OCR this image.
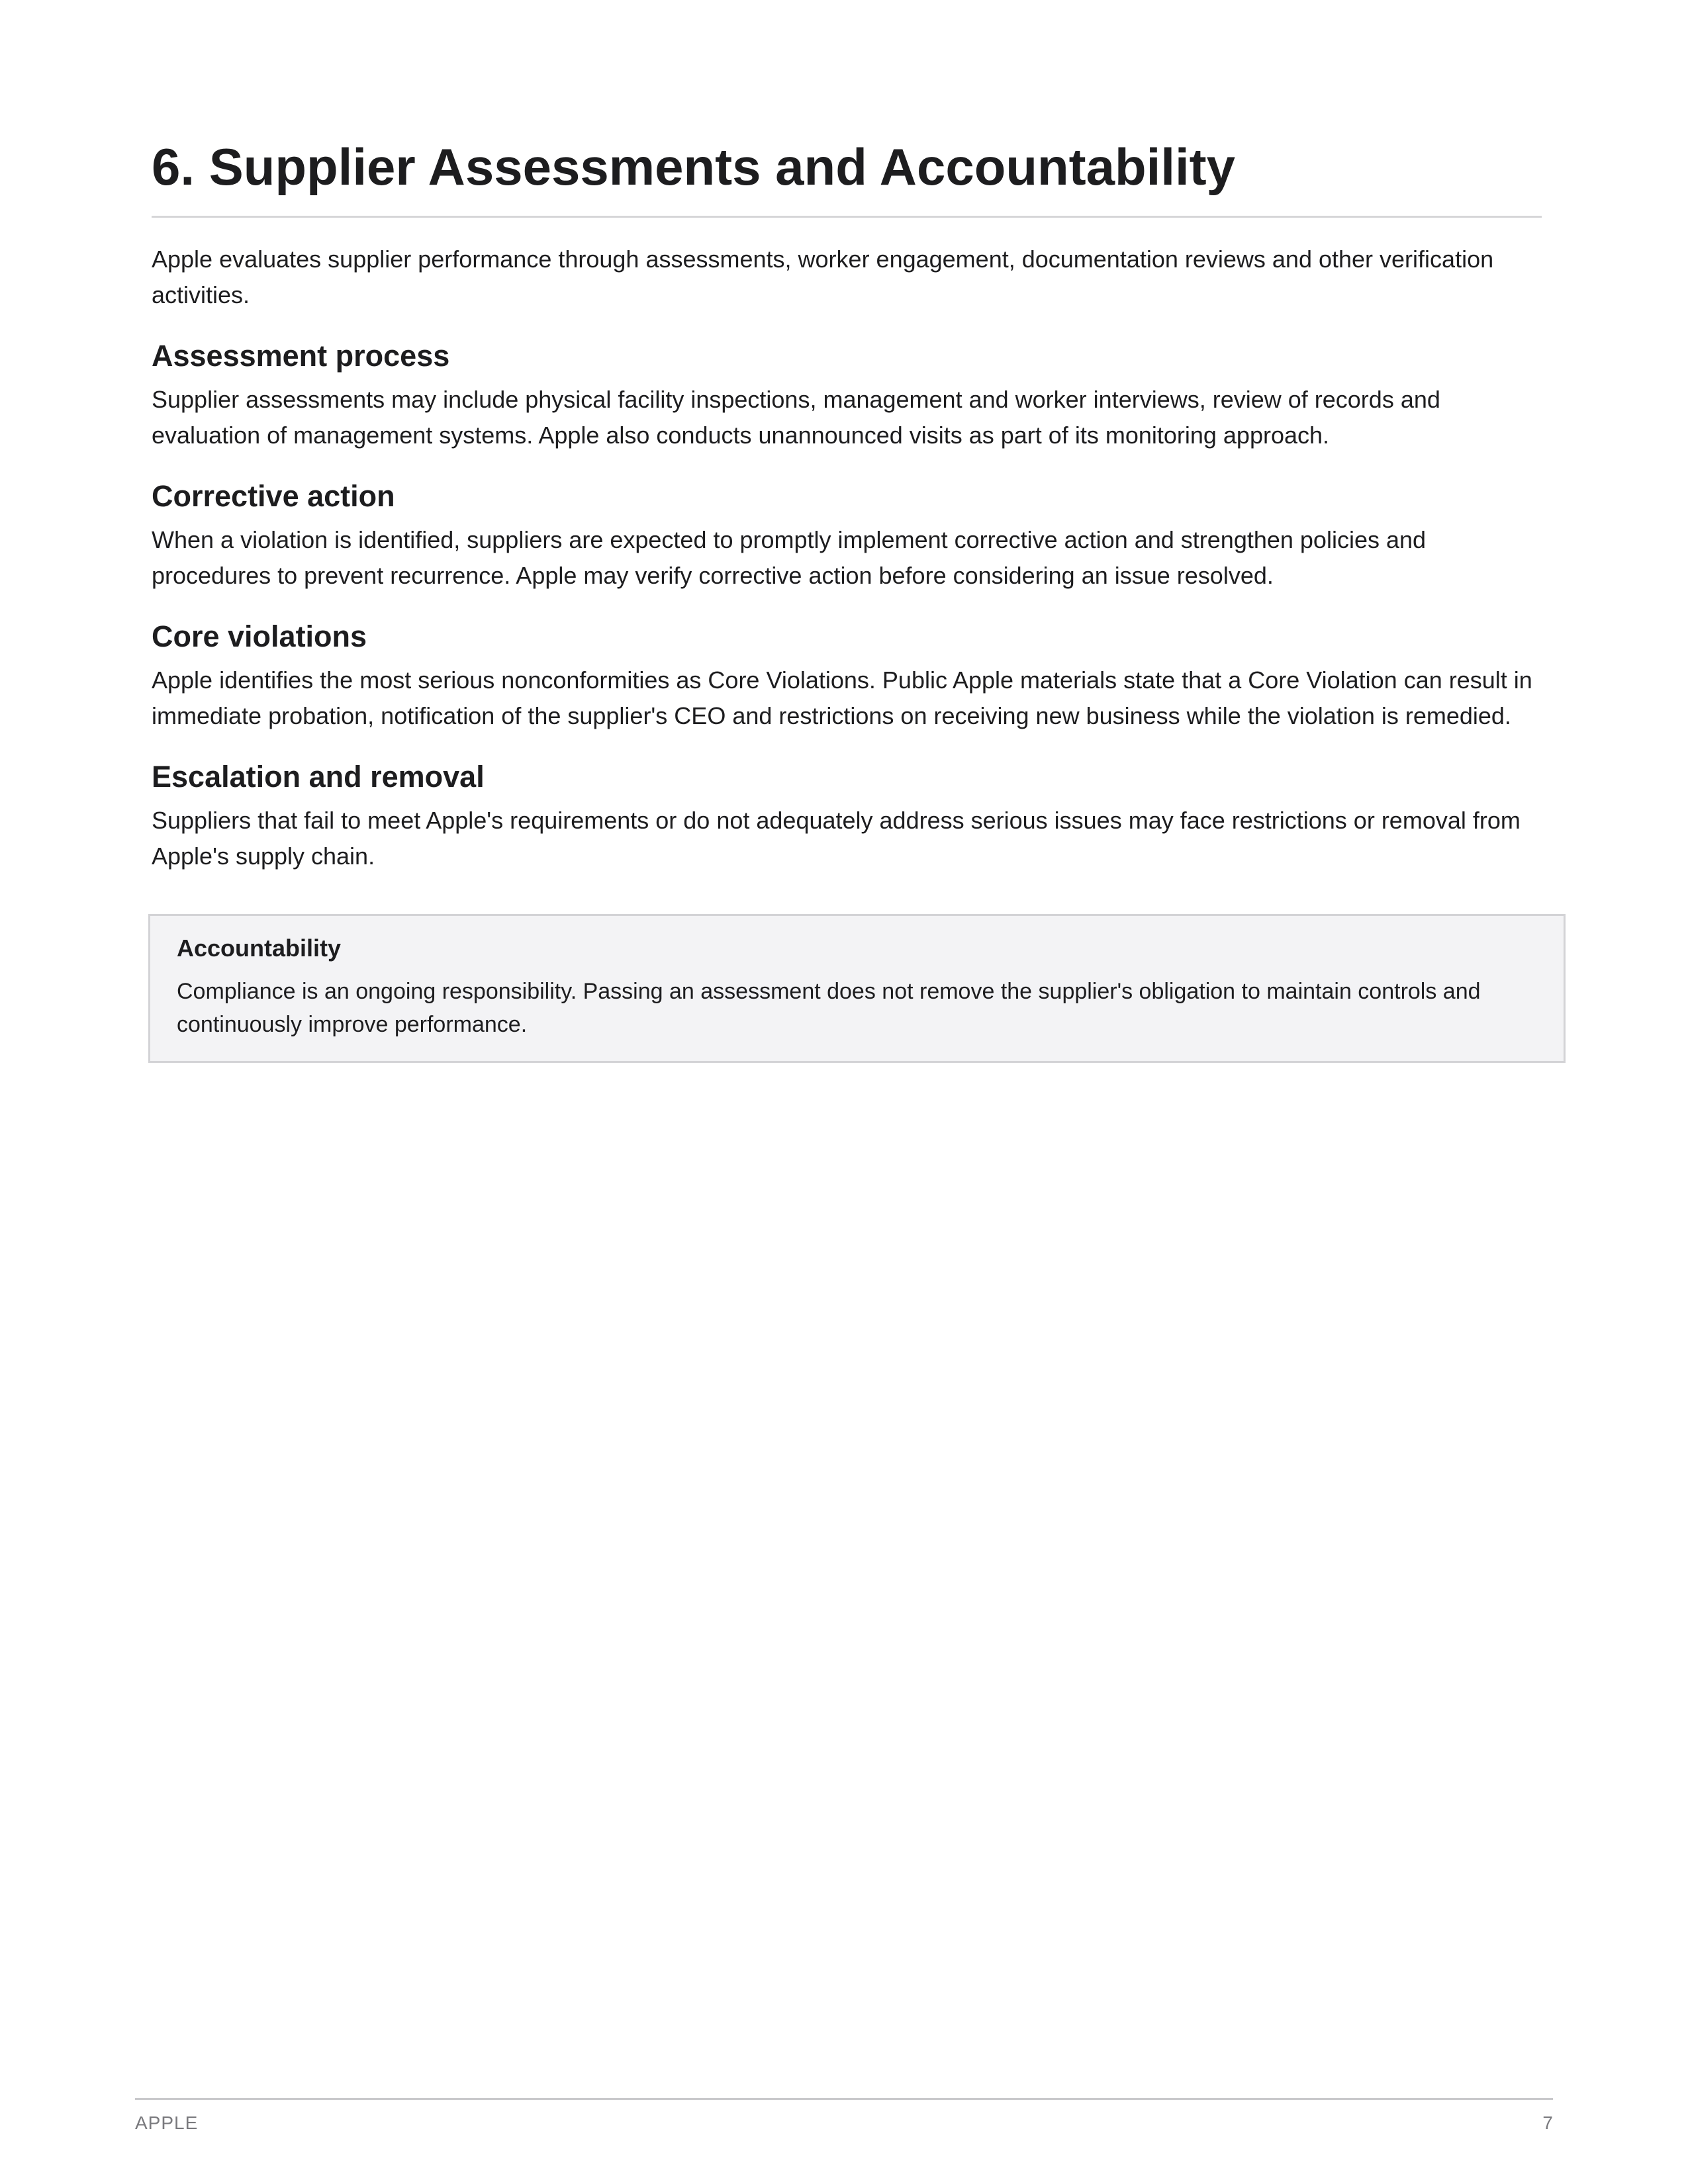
6. Supplier Assessments and Accountability

Apple evaluates supplier performance through assessments, worker engagement, documentation reviews and other verification activities.

Assessment process

Supplier assessments may include physical facility inspections, management and worker interviews, review of records and evaluation of management systems. Apple also conducts unannounced visits as part of its monitoring approach.

Corrective action

When a violation is identified, suppliers are expected to promptly implement corrective action and strengthen policies and procedures to prevent recurrence. Apple may verify corrective action before considering an issue resolved.

Core violations

Apple identifies the most serious nonconformities as Core Violations. Public Apple materials state that a Core Violation can result in immediate probation, notification of the supplier's CEO and restrictions on receiving new business while the violation is remedied.

Escalation and removal

Suppliers that fail to meet Apple's requirements or do not adequately address serious issues may face restrictions or removal from Apple's supply chain.

Accountability

Compliance is an ongoing responsibility. Passing an assessment does not remove the supplier's obligation to maintain controls and continuously improve performance.

APPLE	7
